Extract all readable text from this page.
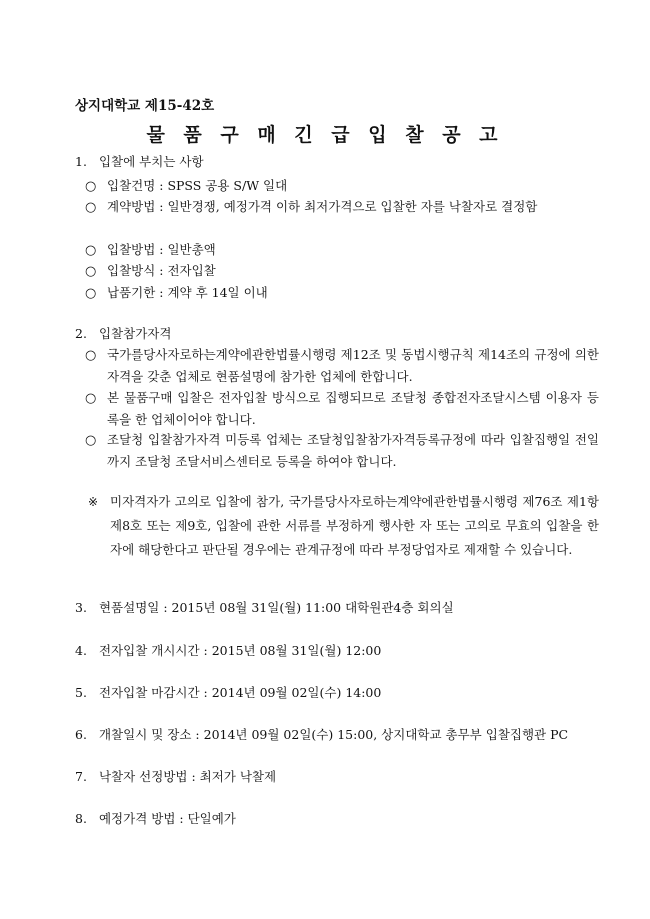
상지대학교 제15-42호
물 품 구 매 긴 급 입 찰 공 고
1. 입찰에 부치는 사항
○ 입찰건명 : SPSS 공용 S/W 일대
○ 계약방법 : 일반경쟁, 예정가격 이하 최저가격으로 입찰한 자를 낙찰자로 결정함
○ 입찰방법 : 일반총액
○ 입찰방식 : 전자입찰
○ 납품기한 : 계약 후 14일 이내
2. 입찰참가자격
○ 국가를당사자로하는계약에관한법률시행령 제12조 및 동법시행규칙 제14조의 규정에 의한 자격을 갖춘 업체로 현품설명에 참가한 업체에 한합니다.
○ 본 물품구매 입찰은 전자입찰 방식으로 집행되므로 조달청 종합전자조달시스템 이용자 등록을 한 업체이어야 합니다.
○ 조달청 입찰참가자격 미등록 업체는 조달청입찰참가자격등록규정에 따라 입찰집행일 전일까지 조달청 조달서비스센터로 등록을 하여야 합니다.
※ 미자격자가 고의로 입찰에 참가, 국가를당사자로하는계약에관한법률시행령 제76조 제1항 제8호 또는 제9호, 입찰에 관한 서류를 부정하게 행사한 자 또는 고의로 무효의 입찰을 한 자에 해당한다고 판단될 경우에는 관계규정에 따라 부정당업자로 제재할 수 있습니다.
3. 현품설명일 : 2015년 08월 31일(월) 11:00 대학원관4층 회의실
4. 전자입찰 개시시간 : 2015년 08월 31일(월) 12:00
5. 전자입찰 마감시간 : 2014년 09월 02일(수) 14:00
6. 개찰일시 및 장소 : 2014년 09월 02일(수) 15:00, 상지대학교 총무부 입찰집행관 PC
7. 낙찰자 선정방법 : 최저가 낙찰제
8. 예정가격 방법 : 단일예가
